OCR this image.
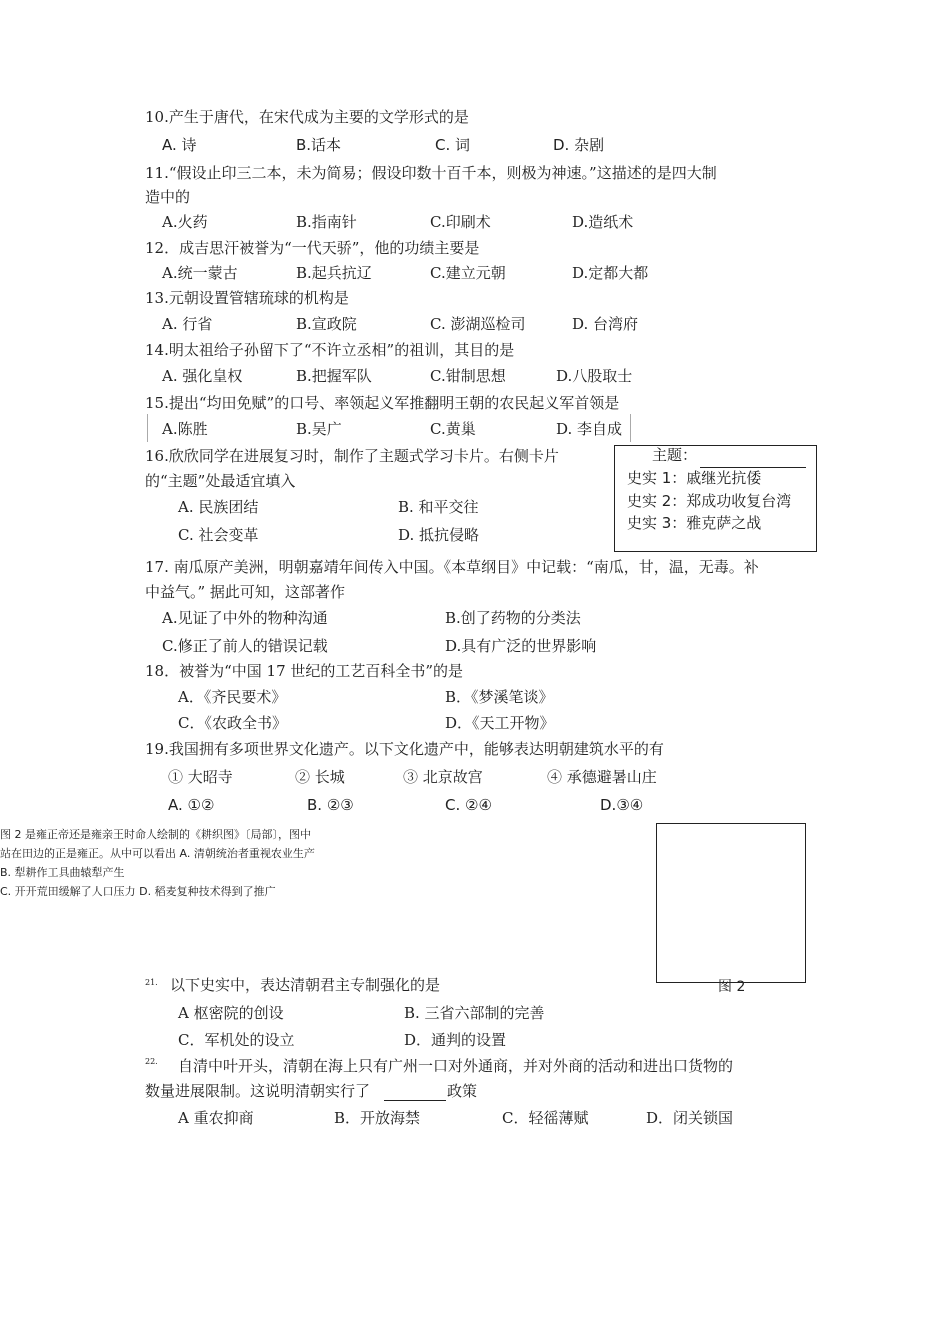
10.产生于唐代，在宋代成为主要的文学形式的是
A. 诗	B.话本	C. 词	D. 杂剧
11.“假设止印三二本，未为简易；假设印数十百千本，则极为神速。”这描述的是四大制
造中的
A.火药	B.指南针	C.印刷术	D.造纸术
12．成吉思汗被誉为“一代天骄”，他的功绩主要是
A.统一蒙古	B.起兵抗辽	C.建立元朝	D.定都大都
13.元朝设置管辖琉球的机构是
A. 行省	B.宣政院	C. 澎湖巡检司	D. 台湾府
14.明太祖给子孙留下了“不许立丞相”的祖训，其目的是
A. 强化皇权	B.把握军队	C.钳制思想	D.八股取士
15.提出“均田免赋”的口号、率领起义军推翻明王朝的农民起义军首领是
A.陈胜	B.吴广	C.黄巢	D. 李自成
16.欣欣同学在进展复习时，制作了主题式学习卡片。右侧卡片
的“主题”处最适宜填入
A. 民族团结	B. 和平交往
C. 社会变革	D. 抵抗侵略
主题：
史实 1：戚继光抗倭
史实 2：郑成功收复台湾
史实 3：雅克萨之战
17. 南瓜原产美洲，明朝嘉靖年间传入中国。《本草纲目》中记载：“南瓜，甘，温，无毒。补
中益气。” 据此可知，这部著作
A.见证了中外的物种沟通	B.创了药物的分类法
C.修正了前人的错误记载	D.具有广泛的世界影响
18．被誉为“中国 17 世纪的工艺百科全书”的是
A．《齐民要术》	B．《梦溪笔谈》
C．《农政全书》	D．《天工开物》
19.我国拥有多项世界文化遗产。以下文化遗产中，能够表达明朝建筑水平的有
① 大昭寺	② 长城	③ 北京故宫	④ 承德避暑山庄
A. ①②	B. ②③	C. ②④	D.③④
图 2 是雍正帝还是雍亲王时命人绘制的《耕织图》〔局部〕，图中
站在田边的正是雍正。从中可以看出 A. 清朝统治者重视农业生产
B. 犁耕作工具曲辕犁产生
C. 开开荒田缓解了人口压力 D. 稻麦复种技术得到了推广
图 2
21. 以下史实中，表达清朝君主专制强化的是
A 枢密院的创设	B. 三省六部制的完善
C．军机处的设立	D．通判的设置
22. 自清中叶开头，清朝在海上只有广州一口对外通商，并对外商的活动和进出口货物的
数量进展限制。这说明清朝实行了	政策
A 重农抑商	B．开放海禁	C．轻徭薄赋	D．闭关锁国
